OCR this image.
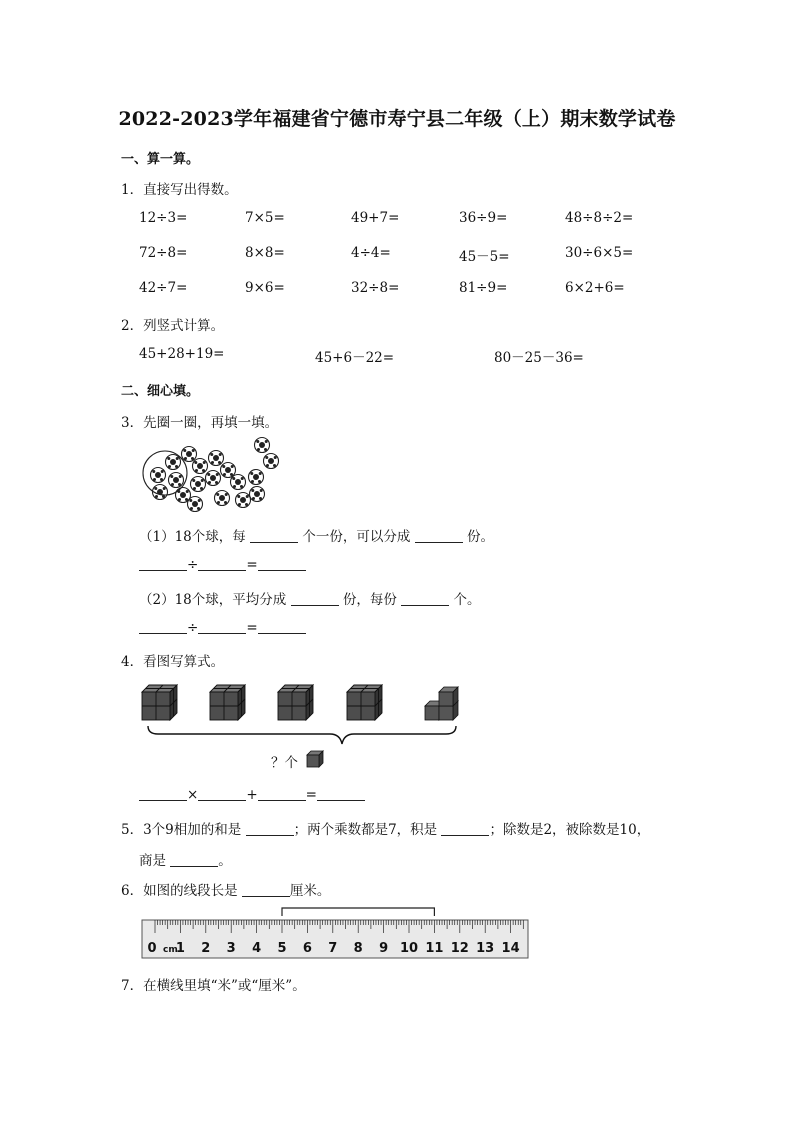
2022-2023学年福建省宁德市寿宁县二年级（上）期末数学试卷
一、算一算。
1．直接写出得数。
12÷3=	7×5=	49+7=	36÷9=	48÷8÷2=
72÷8=	8×8=	4÷4=	45－5=	30÷6×5=
42÷7=	9×6=	32÷8=	81÷9=	6×2+6=
2．列竖式计算。
45+28+19=	45+6－22=	80－25－36=
二、细心填。
3．先圈一圈，再填一填。
（1）18个球，每	个一份，可以分成	份。
÷	=
（2）18个球，平均分成	份，每份	个。
÷	=
4．看图写算式。
？个
×	+	=
5．3个9相加的和是	；两个乘数都是7，积是	；除数是2，被除数是10，
商是	。
6．如图的线段长是	厘米。
0 1 2 3 4 5 6 7 8 9 10 11 12 13 14
cm
7．在横线里填“米”或“厘米”。
